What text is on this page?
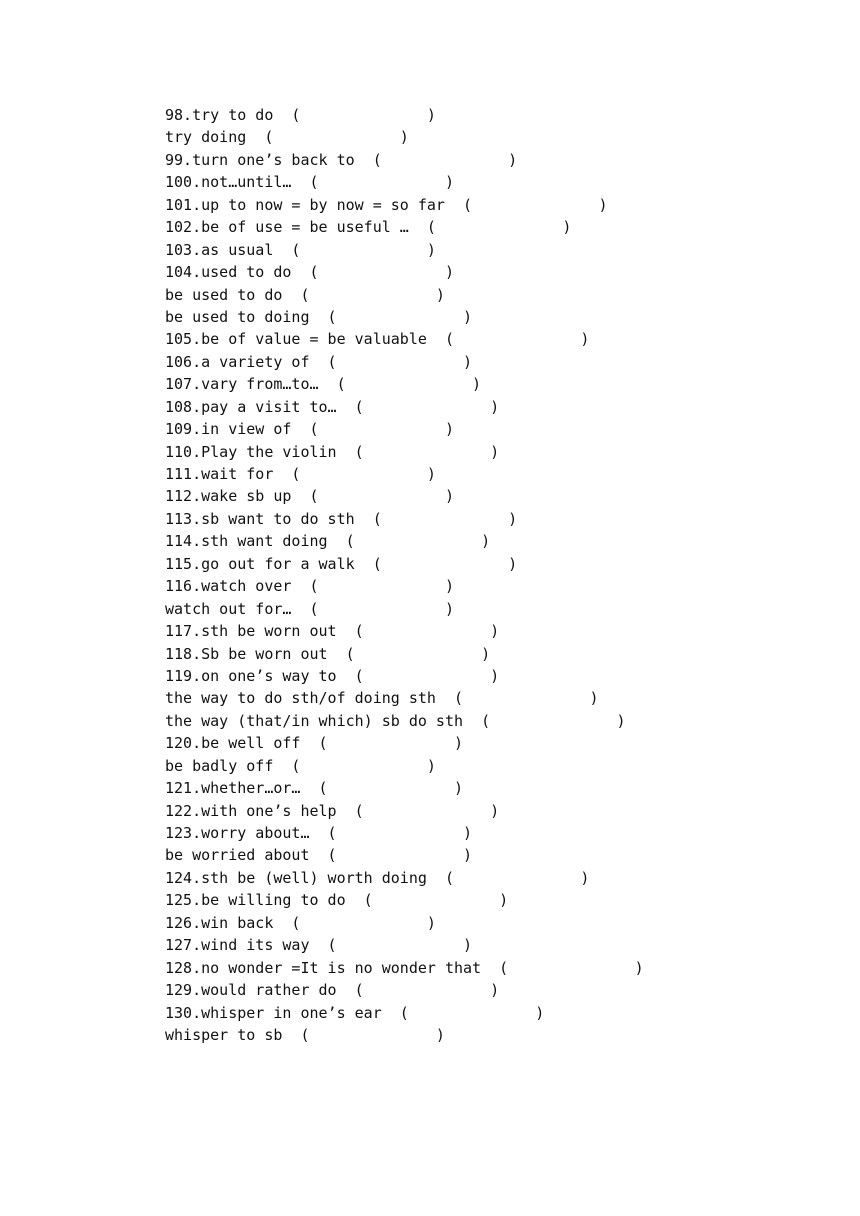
98.try to do  (              )
try doing  (              )
99.turn one’s back to  (              )
100.not…until…  (              )
101.up to now = by now = so far  (              )
102.be of use = be useful …  (              )
103.as usual  (              )
104.used to do  (              )
be used to do  (              )
be used to doing  (              )
105.be of value = be valuable  (              )
106.a variety of  (              )
107.vary from…to…  (              )
108.pay a visit to…  (              )
109.in view of  (              )
110.Play the violin  (              )
111.wait for  (              )
112.wake sb up  (              )
113.sb want to do sth  (              )
114.sth want doing  (              )
115.go out for a walk  (              )
116.watch over  (              )
watch out for…  (              )
117.sth be worn out  (              )
118.Sb be worn out  (              )
119.on one’s way to  (              )
the way to do sth/of doing sth  (              )
the way (that/in which) sb do sth  (              )
120.be well off  (              )
be badly off  (              )
121.whether…or…  (              )
122.with one’s help  (              )
123.worry about…  (              )
be worried about  (              )
124.sth be (well) worth doing  (              )
125.be willing to do  (              )
126.win back  (              )
127.wind its way  (              )
128.no wonder =It is no wonder that  (              )
129.would rather do  (              )
130.whisper in one’s ear  (              )
whisper to sb  (              )
